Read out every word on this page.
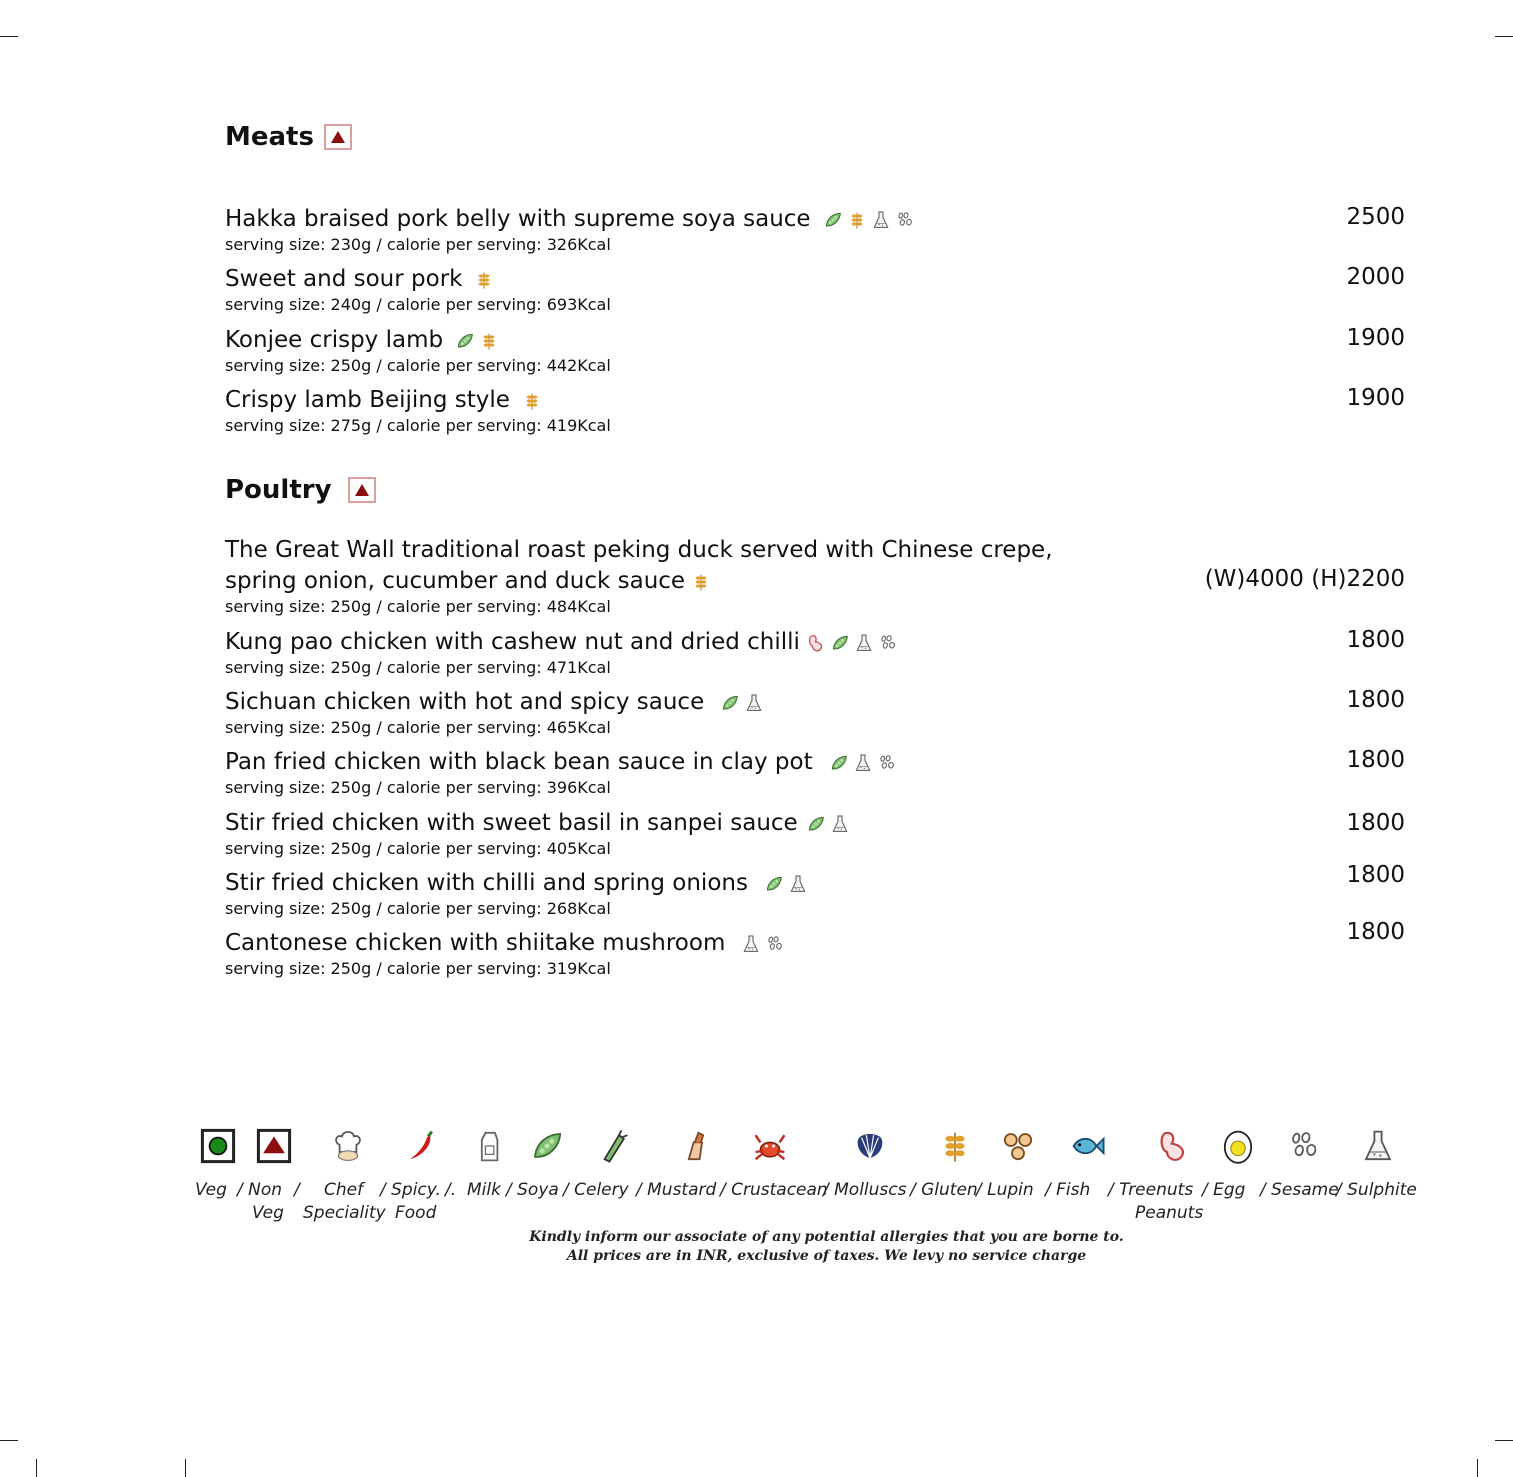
Meats
Hakka braised pork belly with supreme soya sauce
serving size: 230g / calorie per serving: 326Kcal
2500
Sweet and sour pork
serving size: 240g / calorie per serving: 693Kcal
2000
Konjee crispy lamb
serving size: 250g / calorie per serving: 442Kcal
1900
Crispy lamb Beijing style
serving size: 275g / calorie per serving: 419Kcal
1900
Poultry
The Great Wall traditional roast peking duck served with Chinese crepe,
spring onion, cucumber and duck sauce
serving size: 250g / calorie per serving: 484Kcal
(W)4000 (H)2200
Kung pao chicken with cashew nut and dried chilli
serving size: 250g / calorie per serving: 471Kcal
1800
Sichuan chicken with hot and spicy sauce
serving size: 250g / calorie per serving: 465Kcal
1800
Pan fried chicken with black bean sauce in clay pot
serving size: 250g / calorie per serving: 396Kcal
1800
Stir fried chicken with sweet basil in sanpei sauce
serving size: 250g / calorie per serving: 405Kcal
1800
Stir fried chicken with chilli and spring onions
serving size: 250g / calorie per serving: 268Kcal
1800
Cantonese chicken with shiitake mushroom
serving size: 250g / calorie per serving: 319Kcal
1800
Veg / Non
Veg
/ Chef
Speciality
/ Spicy.
Food
/. Milk / Soya / Celery / Mustard / Crustacean
/ Molluscs / Gluten
/ Lupin / Fish / Treenuts
Peanuts
/ Egg / Sesame
/ Sulphite
Kindly inform our associate of any potential allergies that you are borne to.
All prices are in INR, exclusive of taxes. We levy no service charge
